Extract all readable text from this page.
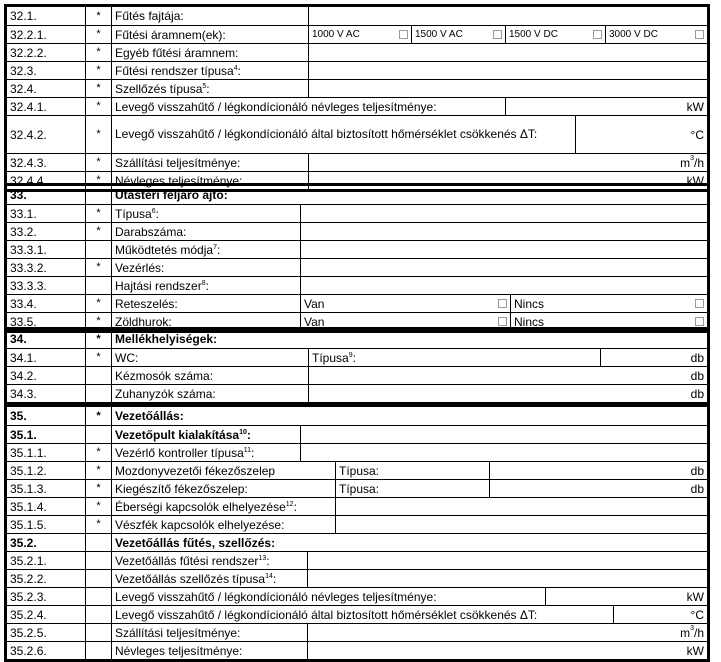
32.1.	*	Fűtés fajtája:
32.2.1.	*	Fűtési áramnem(ek):	1000 V AC	1500 V AC	1500 V DC	3000 V DC
32.2.2.	*	Egyéb fűtési áramnem:
32.3.	*	Fűtési rendszer típusa$^4$ :
32.4.	*	Szellőzés típusa$^5$ :
32.4.1.	*	Levegő visszahűtő / légkondícionáló névleges teljesítménye:	kW
32.4.2.	*	Levegő visszahűtő / légkondícionáló által biztosított hőmérséklet csökkenés ΔT:	°C
32.4.3.	*	Szállítási teljesítménye:	$m^3/h$
32.4.4.	*	Névleges teljesítménye:	kW
33.	Utastéri feljáró ajtó:
33.1.	*	Típusa$^6$ :
33.2.	*	Darabszáma:
33.3.1.	Működtetés módja$^7$ :
33.3.2.	*	Vezérlés:
33.3.3.	Hajtási rendszer$^8$ :
33.4.	*	Reteszelés:	Van	Nincs
33.5.	*	Zöldhurok:	Van	Nincs
34.	*	Mellékhelyiségek:
34.1.	*	WC:	Típusa$^9$ :	db
34.2.	Kézmosók száma:	db
34.3.	Zuhanyzók száma:	db
35.	*	Vezetőállás:
35.1.	Vezetőpult kialakítása$^{10}$ :
35.1.1.	*	Vezérlő kontroller típusa$^{11}$ :
35.1.2.	*	Mozdonyvezetői fékezőszelep	Típusa:	db
35.1.3.	*	Kiegészítő fékezőszelep:	Típusa:	db
35.1.4.	*	Éberségi kapcsolók elhelyezése$^{12}$ :
35.1.5.	*	Vészfék kapcsolók elhelyezése:
35.2.	Vezetőállás fűtés, szellőzés:
35.2.1.	Vezetőállás fűtési rendszer$^{13}$ :
35.2.2.	Vezetőállás szellőzés típusa$^{14}$ :
35.2.3.	Levegő visszahűtő / légkondícionáló névleges teljesítménye:	kW
35.2.4.	Levegő visszahűtő / légkondícionáló által biztosított hőmérséklet csökkenés ΔT:	°C
35.2.5.	Szállítási teljesítménye:	$m^3/h$
35.2.6.	Névleges teljesítménye:	kW
